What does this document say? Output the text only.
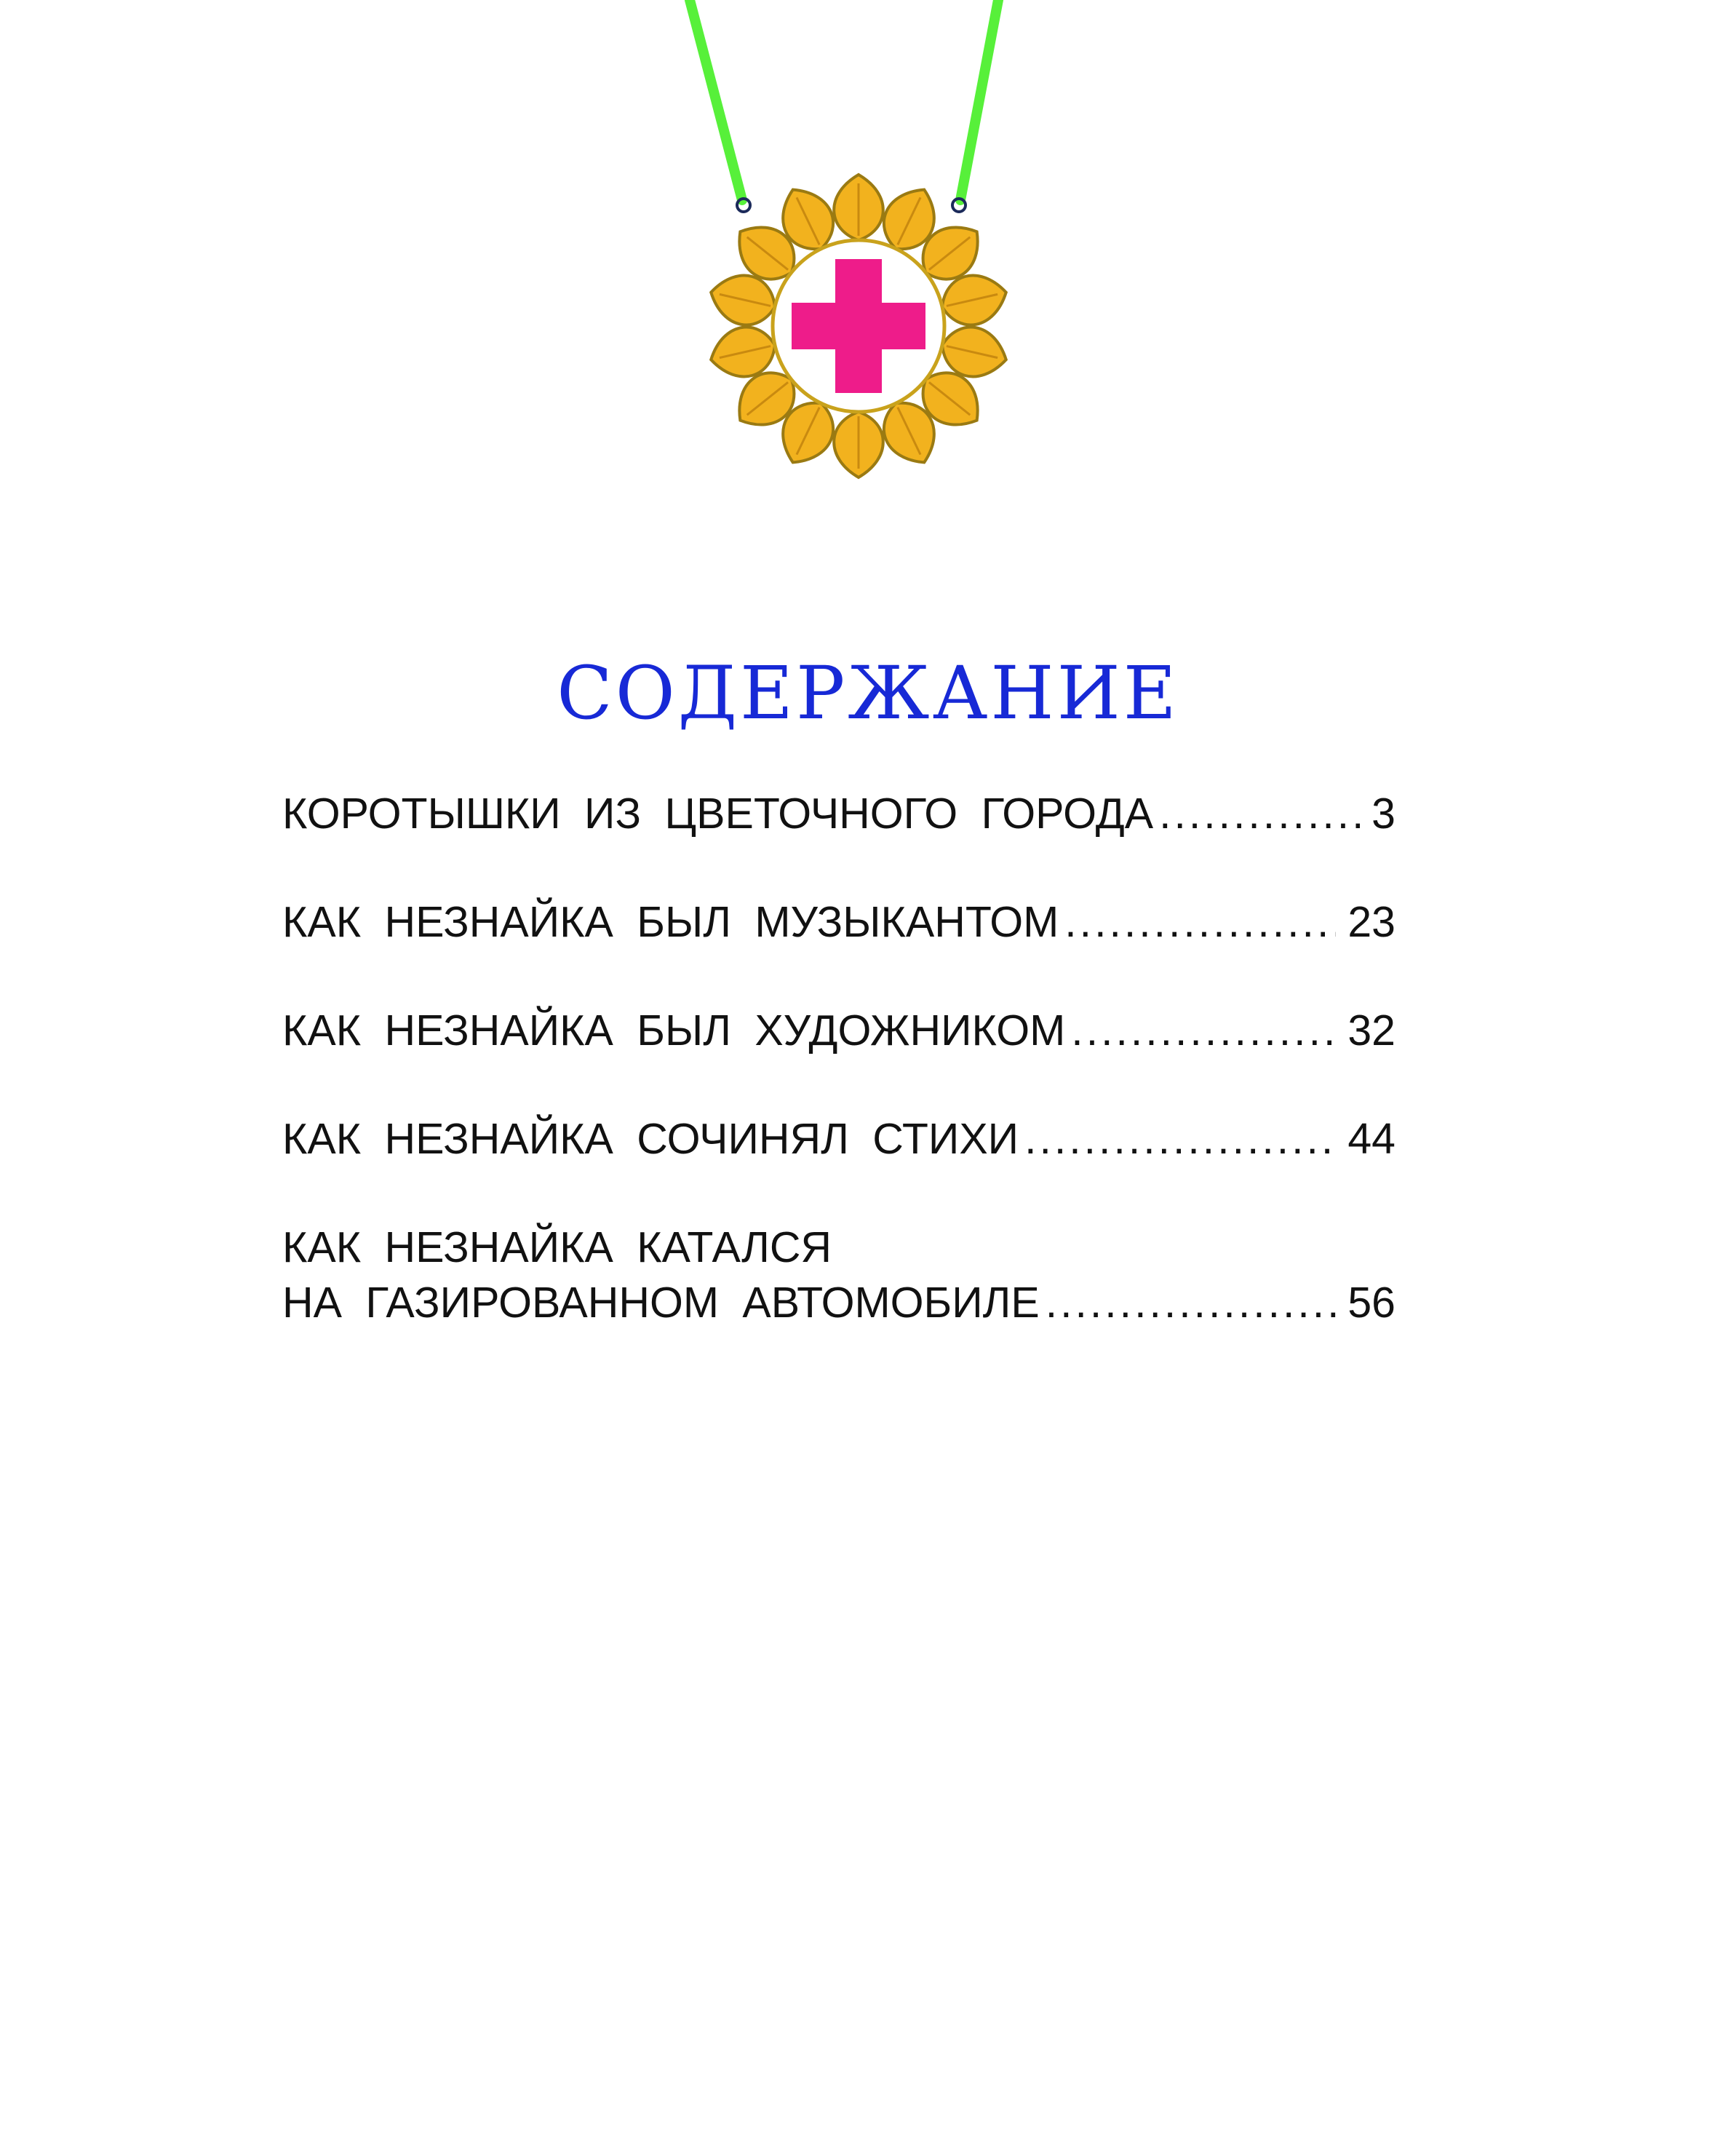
СОДЕРЖАНИЕ
КОРОТЫШКИ ИЗ ЦВЕТОЧНОГО ГОРОДА .....	3
КАК НЕЗНАЙКА БЫЛ МУЗЫКАНТОМ .....	23
КАК НЕЗНАЙКА БЫЛ ХУДОЖНИКОМ .....	32
КАК НЕЗНАЙКА СОЧИНЯЛ СТИХИ .....	44
КАК НЕЗНАЙКА КАТАЛСЯ
НА ГАЗИРОВАННОМ АВТОМОБИЛЕ .....	56
